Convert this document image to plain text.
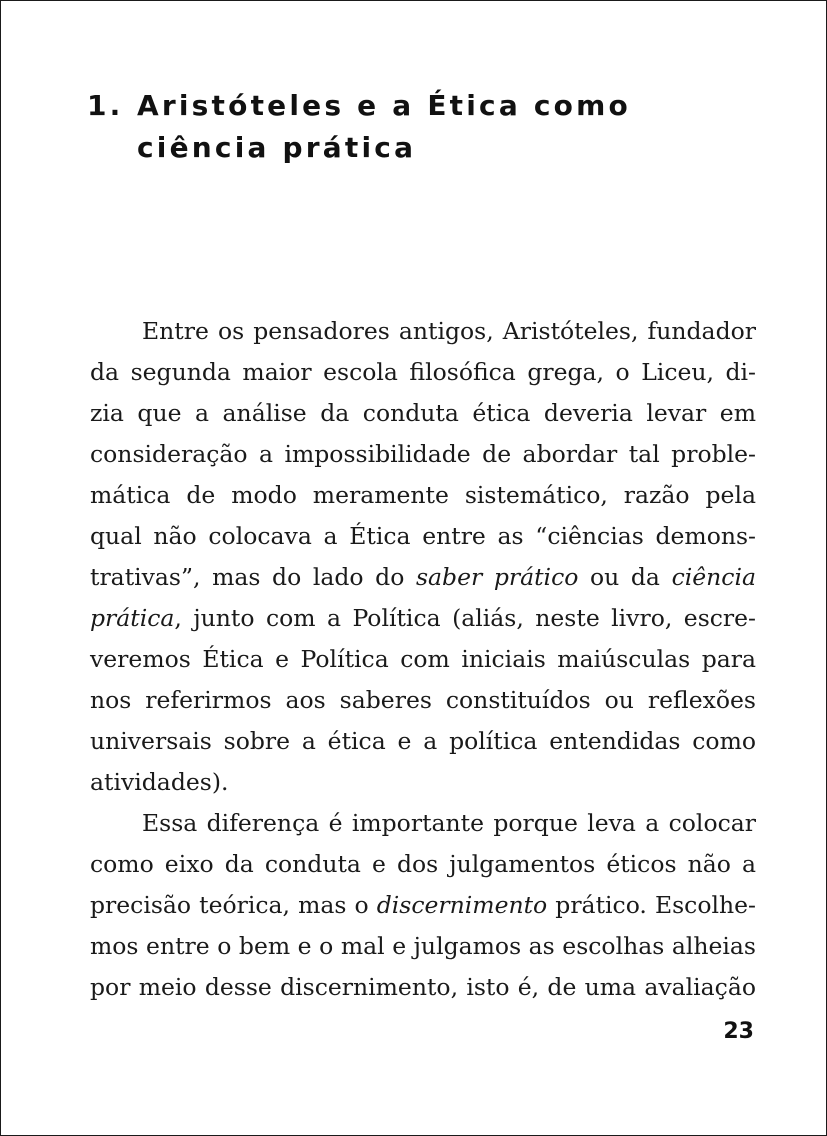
1. Aristóteles e a Ética como
ciência prática
Entre os pensadores antigos, Aristóteles, fundador
da segunda maior escola filosófica grega, o Liceu, di-
zia que a análise da conduta ética deveria levar em
consideração a impossibilidade de abordar tal proble-
mática de modo meramente sistemático, razão pela
qual não colocava a Ética entre as “ciências demons-
trativas”, mas do lado do saber prático ou da ciência
prática, junto com a Política (aliás, neste livro, escre-
veremos Ética e Política com iniciais maiúsculas para
nos referirmos aos saberes constituídos ou reflexões
universais sobre a ética e a política entendidas como
atividades).
Essa diferença é importante porque leva a colocar
como eixo da conduta e dos julgamentos éticos não a
precisão teórica, mas o discernimento prático. Escolhe-
mos entre o bem e o mal e julgamos as escolhas alheias
por meio desse discernimento, isto é, de uma avaliação
23
